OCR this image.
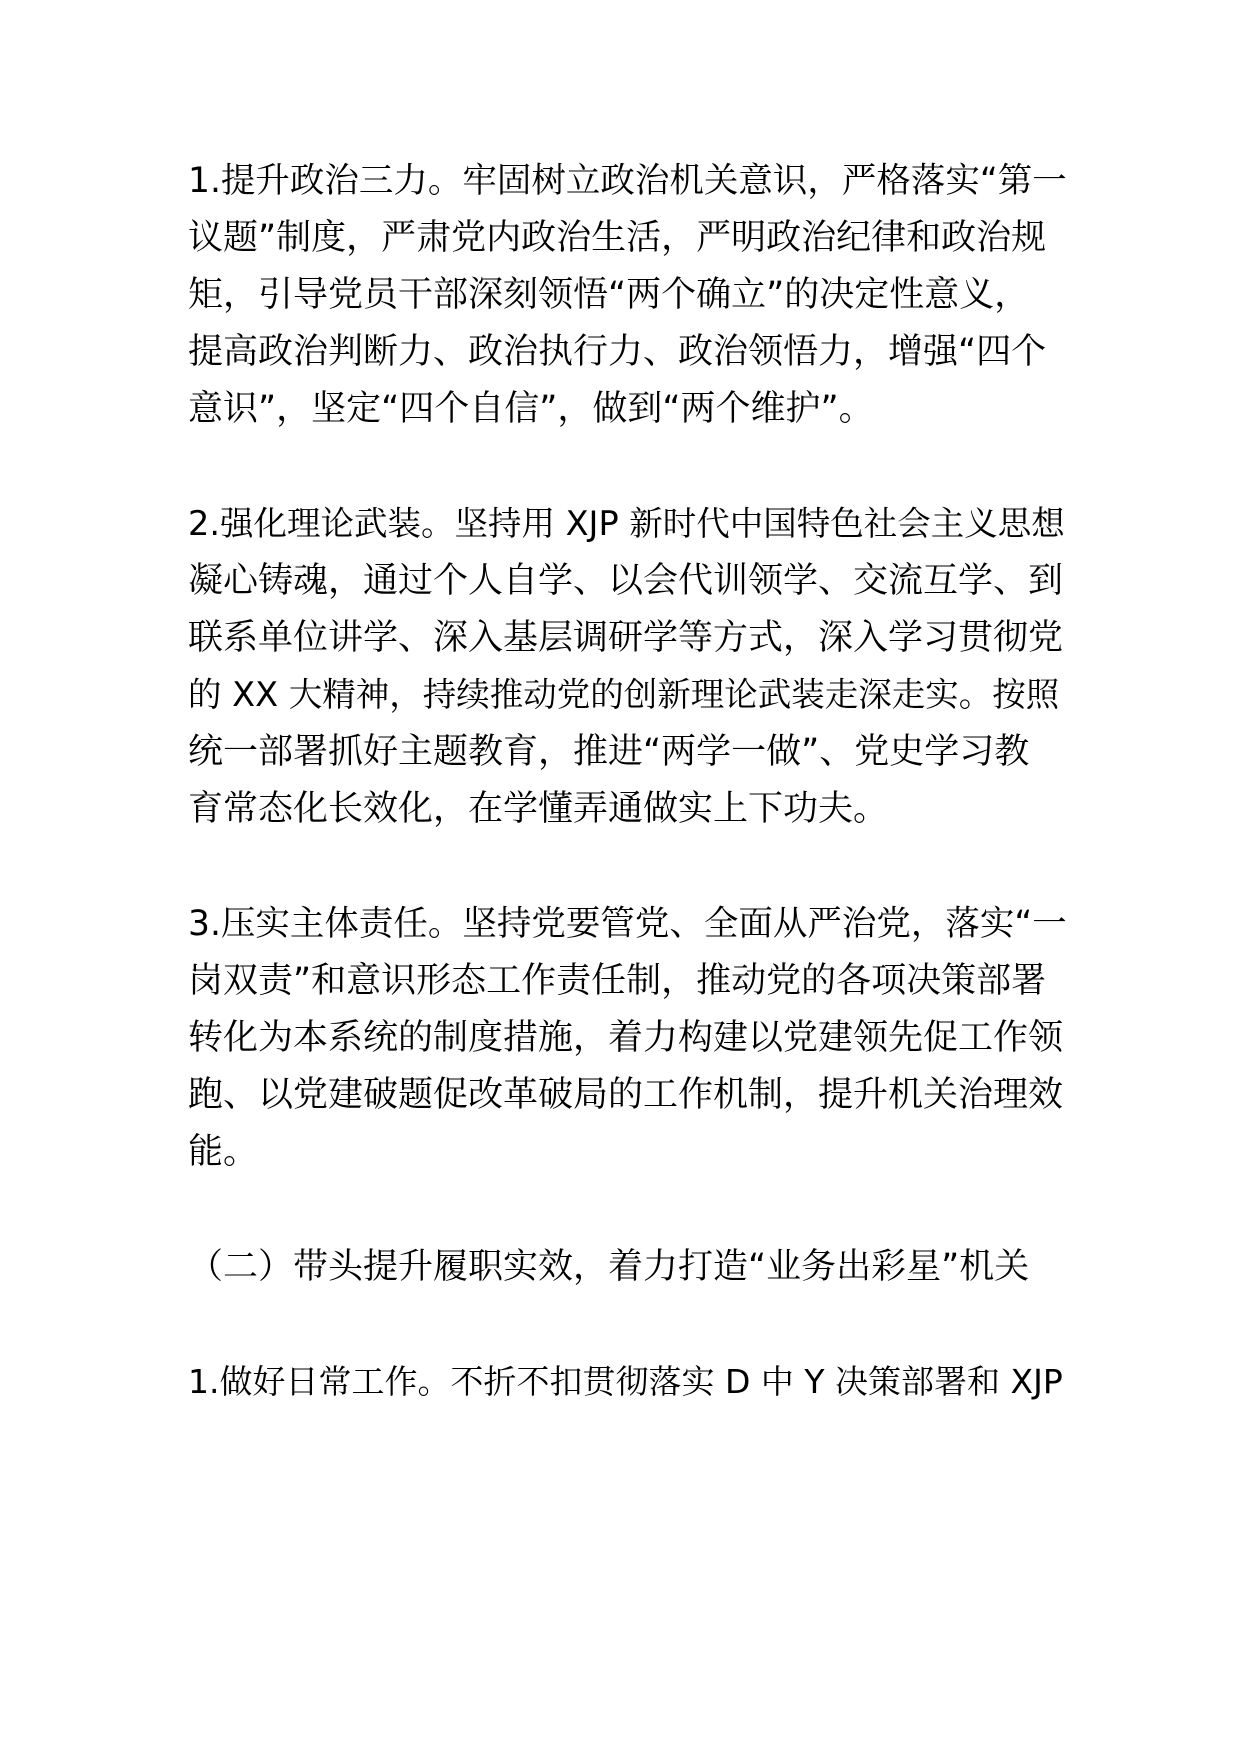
1.提升政治三力。牢固树立政治机关意识，严格落实“第一
议题”制度，严肃党内政治生活，严明政治纪律和政治规
矩，引导党员干部深刻领悟“两个确立”的决定性意义，
提高政治判断力、政治执行力、政治领悟力，增强“四个
意识”，坚定“四个自信”，做到“两个维护”。
2.强化理论武装。坚持用 XJP 新时代中国特色社会主义思想
凝心铸魂，通过个人自学、以会代训领学、交流互学、到
联系单位讲学、深入基层调研学等方式，深入学习贯彻党
的 XX 大精神，持续推动党的创新理论武装走深走实。按照
统一部署抓好主题教育，推进“两学一做”、党史学习教
育常态化长效化，在学懂弄通做实上下功夫。
3.压实主体责任。坚持党要管党、全面从严治党，落实“一
岗双责”和意识形态工作责任制，推动党的各项决策部署
转化为本系统的制度措施，着力构建以党建领先促工作领
跑、以党建破题促改革破局的工作机制，提升机关治理效
能。
（二）带头提升履职实效，着力打造“业务出彩星”机关
1.做好日常工作。不折不扣贯彻落实 D 中 Y 决策部署和 XJP
